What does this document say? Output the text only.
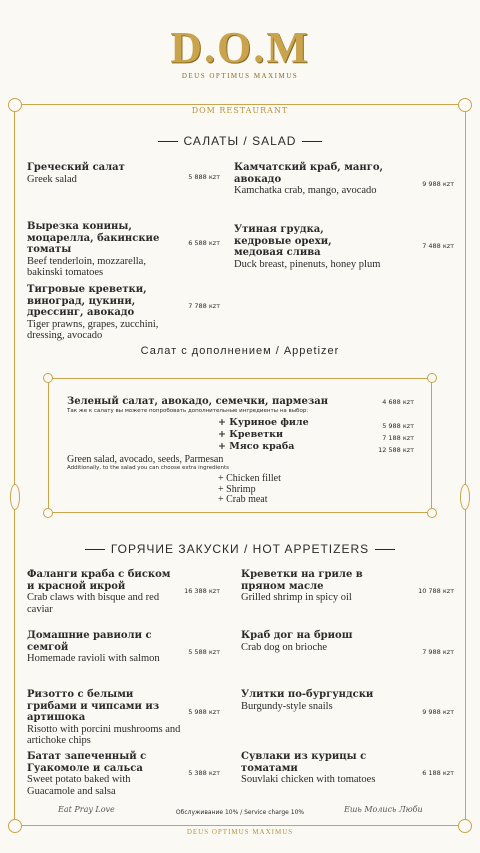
D.O.M
DEUS OPTIMUS MAXIMUS
DOM RESTAURANT
САЛАТЫ / SALAD
Греческий салат
Greek salad	5 888 кzт
Вырезка конины, моцарелла, бакинские томаты
Beef tenderloin, mozzarella, bakinski tomatoes
6 588 кzт
Тигровые креветки, виноград, цукини, дрессинг, авокадо
Tiger prawns, grapes, zucchini, dressing, avocado
7 788 кzт
Камчатский краб, манго, авокадо
Kamchatka crab, mango, avocado
9 988 кzт
Утиная грудка, кедровые орехи, медовая слива
Duck breast, pinenuts, honey plum
7 488 кzт
Салат с дополнением / Appetizer
Зеленый салат, авокадо, семечки, пармезан	4 688 кzт
Так же к салату вы можете попробовать дополнительные ингредиенты на выбор:
+ Куриное филе
+ Креветки
+ Мясо краба
5 988 кzт
7 188 кzт
12 588 кzт
Green salad, avocado, seeds, Parmesan
Additionally, to the salad you can choose extra ingredients
+ Chicken fillet
+ Shrimp
+ Crab meat
ГОРЯЧИЕ ЗАКУСКИ / HOT APPETIZERS
Фаланги краба с биском и красной икрой
Crab claws with bisque and red caviar
16 388 кzт
Домашние равиоли с семгой
Homemade ravioli with salmon
5 588 кzт
Ризотто с белыми грибами и чипсами из артишока
Risotto with porcini mushrooms and artichoke chips
5 988 кzт
Батат запеченный с Гуакомоле и сальса
Sweet potato baked with Guacamole and salsa
5 388 кzт
Креветки на гриле в пряном масле
Grilled shrimp in spicy oil
10 788 кzт
Краб дог на бриош
Crab dog on brioche	7 988 кzт
Улитки по-бургундски
Burgundy-style snails
9 988 кzт
Сувлаки из курицы с томатами
Souvlaki chicken with tomatoes
6 188 кzт
Eat Pray Love	Обслуживание 10% / Service charge 10%	Ешь Молись Люби
DEUS OPTIMUS MAXIMUS
